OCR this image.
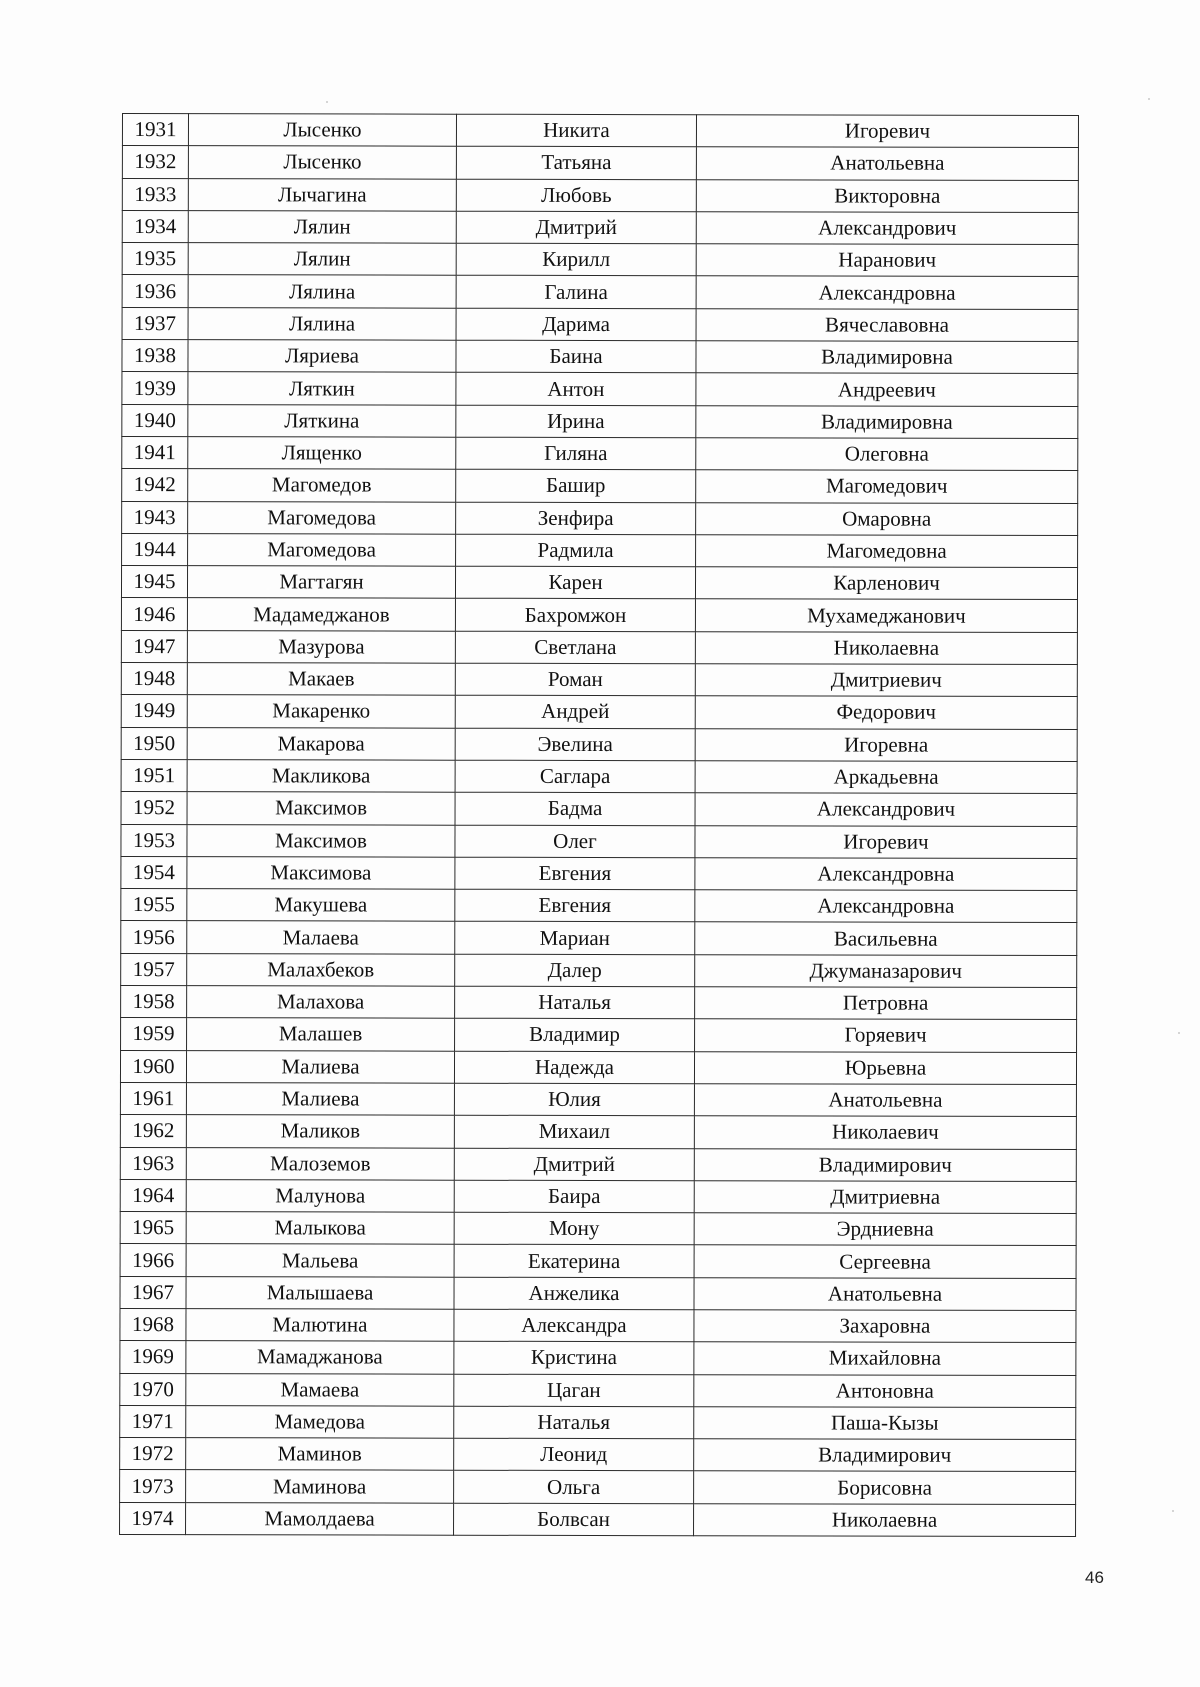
1931	Лысенко	Никита	Игоревич
1932	Лысенко	Татьяна	Анатольевна
1933	Лычагина	Любовь	Викторовна
1934	Лялин	Дмитрий	Александрович
1935	Лялин	Кирилл	Наранович
1936	Лялина	Галина	Александровна
1937	Лялина	Дарима	Вячеславовна
1938	Ляриева	Баина	Владимировна
1939	Ляткин	Антон	Андреевич
1940	Ляткина	Ирина	Владимировна
1941	Лященко	Гиляна	Олеговна
1942	Магомедов	Башир	Магомедович
1943	Магомедова	Зенфира	Омаровна
1944	Магомедова	Радмила	Магомедовна
1945	Магтагян	Карен	Карленович
1946	Мадамеджанов	Бахромжон	Мухамеджанович
1947	Мазурова	Светлана	Николаевна
1948	Макаев	Роман	Дмитриевич
1949	Макаренко	Андрей	Федорович
1950	Макарова	Эвелина	Игоревна
1951	Макликова	Саглара	Аркадьевна
1952	Максимов	Бадма	Александрович
1953	Максимов	Олег	Игоревич
1954	Максимова	Евгения	Александровна
1955	Макушева	Евгения	Александровна
1956	Малаева	Мариан	Васильевна
1957	Малахбеков	Далер	Джуманазарович
1958	Малахова	Наталья	Петровна
1959	Малашев	Владимир	Горяевич
1960	Малиева	Надежда	Юрьевна
1961	Малиева	Юлия	Анатольевна
1962	Маликов	Михаил	Николаевич
1963	Малоземов	Дмитрий	Владимирович
1964	Малунова	Баира	Дмитриевна
1965	Малыкова	Мону	Эрдниевна
1966	Мальева	Екатерина	Сергеевна
1967	Малышаева	Анжелика	Анатольевна
1968	Малютина	Александра	Захаровна
1969	Мамаджанова	Кристина	Михайловна
1970	Мамаева	Цаган	Антоновна
1971	Мамедова	Наталья	Паша-Кызы
1972	Маминов	Леонид	Владимирович
1973	Маминова	Ольга	Борисовна
1974	Мамолдаева	Болвсан	Николаевна
46
